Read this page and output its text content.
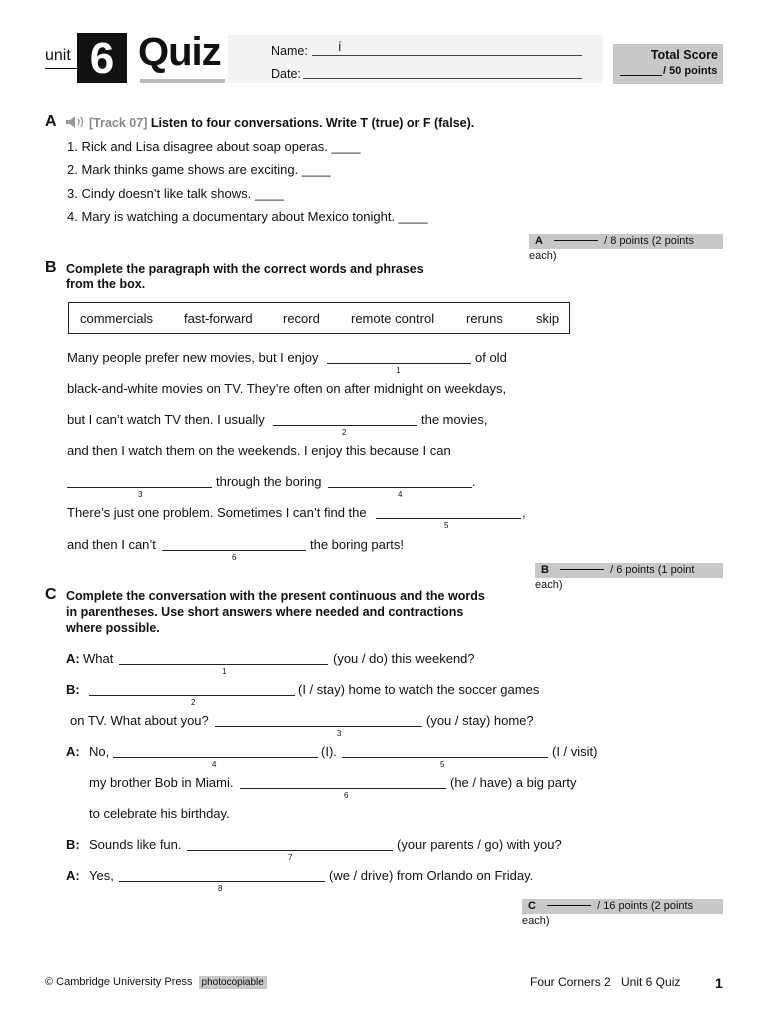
unit 6 Quiz	Name: í
Date:
Total Score
/ 50 points
A	[Track 07] Listen to four conversations. Write T (true) or F (false).
1. Rick and Lisa disagree about soap operas. ____
2. Mark thinks game shows are exciting. ____
3. Cindy doesn’t like talk shows. ____
4. Mary is watching a documentary about Mexico tonight. ____
A	/ 8 points (2 points each)
B Complete the paragraph with the correct words and phrases
from the box.
commercials fast-forward record remote control reruns	skip
Many people prefer new movies, but I enjoy
1
of old
black-and-white movies on TV. They’re often on after midnight on weekdays,
but I can’t watch TV then. I usually
2
the movies,
and then I watch them on the weekends. I enjoy this because I can
3
through the boring
4
.
There’s just one problem. Sometimes I can’t find the
5
,
and then I can’t
6
the boring parts!
B	/ 6 points (1 point each)
C Complete the conversation with the present continuous and the words
in parentheses. Use short answers where needed and contractions
where possible.
A: What
1
(you / do) this weekend?
B:
2
(I / stay) home to watch the soccer games
on TV. What about you?
3
(you / stay) home?
A: No,
4
(I).
5
(I / visit)
my brother Bob in Miami.
6
(he / have) a big party
to celebrate his birthday.
B: Sounds like fun.
7
(your parents / go) with you?
A: Yes,
8
(we / drive) from Orlando on Friday.
C	/ 16 points (2 points each)
© Cambridge University Press photocopiable	Four Corners 2 Unit 6 Quiz 1
